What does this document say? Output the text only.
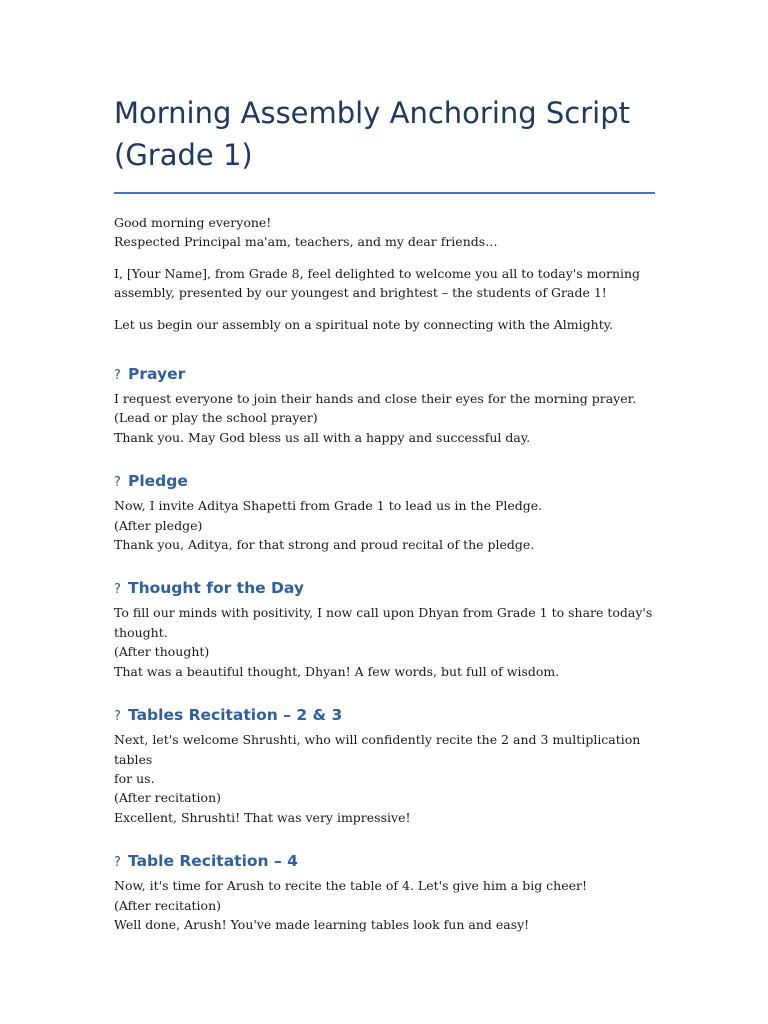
Morning Assembly Anchoring Script
(Grade 1)

Good morning everyone!
Respected Principal ma'am, teachers, and my dear friends…

I, [Your Name], from Grade 8, feel delighted to welcome you all to today's morning
assembly, presented by our youngest and brightest – the students of Grade 1!

Let us begin our assembly on a spiritual note by connecting with the Almighty.

? Prayer

I request everyone to join their hands and close their eyes for the morning prayer.
(Lead or play the school prayer)
Thank you. May God bless us all with a happy and successful day.

? Pledge

Now, I invite Aditya Shapetti from Grade 1 to lead us in the Pledge.
(After pledge)
Thank you, Aditya, for that strong and proud recital of the pledge.

? Thought for the Day

To fill our minds with positivity, I now call upon Dhyan from Grade 1 to share today's
thought.
(After thought)
That was a beautiful thought, Dhyan! A few words, but full of wisdom.

? Tables Recitation – 2 & 3

Next, let's welcome Shrushti, who will confidently recite the 2 and 3 multiplication tables
for us.
(After recitation)
Excellent, Shrushti! That was very impressive!

? Table Recitation – 4

Now, it's time for Arush to recite the table of 4. Let's give him a big cheer!
(After recitation)
Well done, Arush! You've made learning tables look fun and easy!
